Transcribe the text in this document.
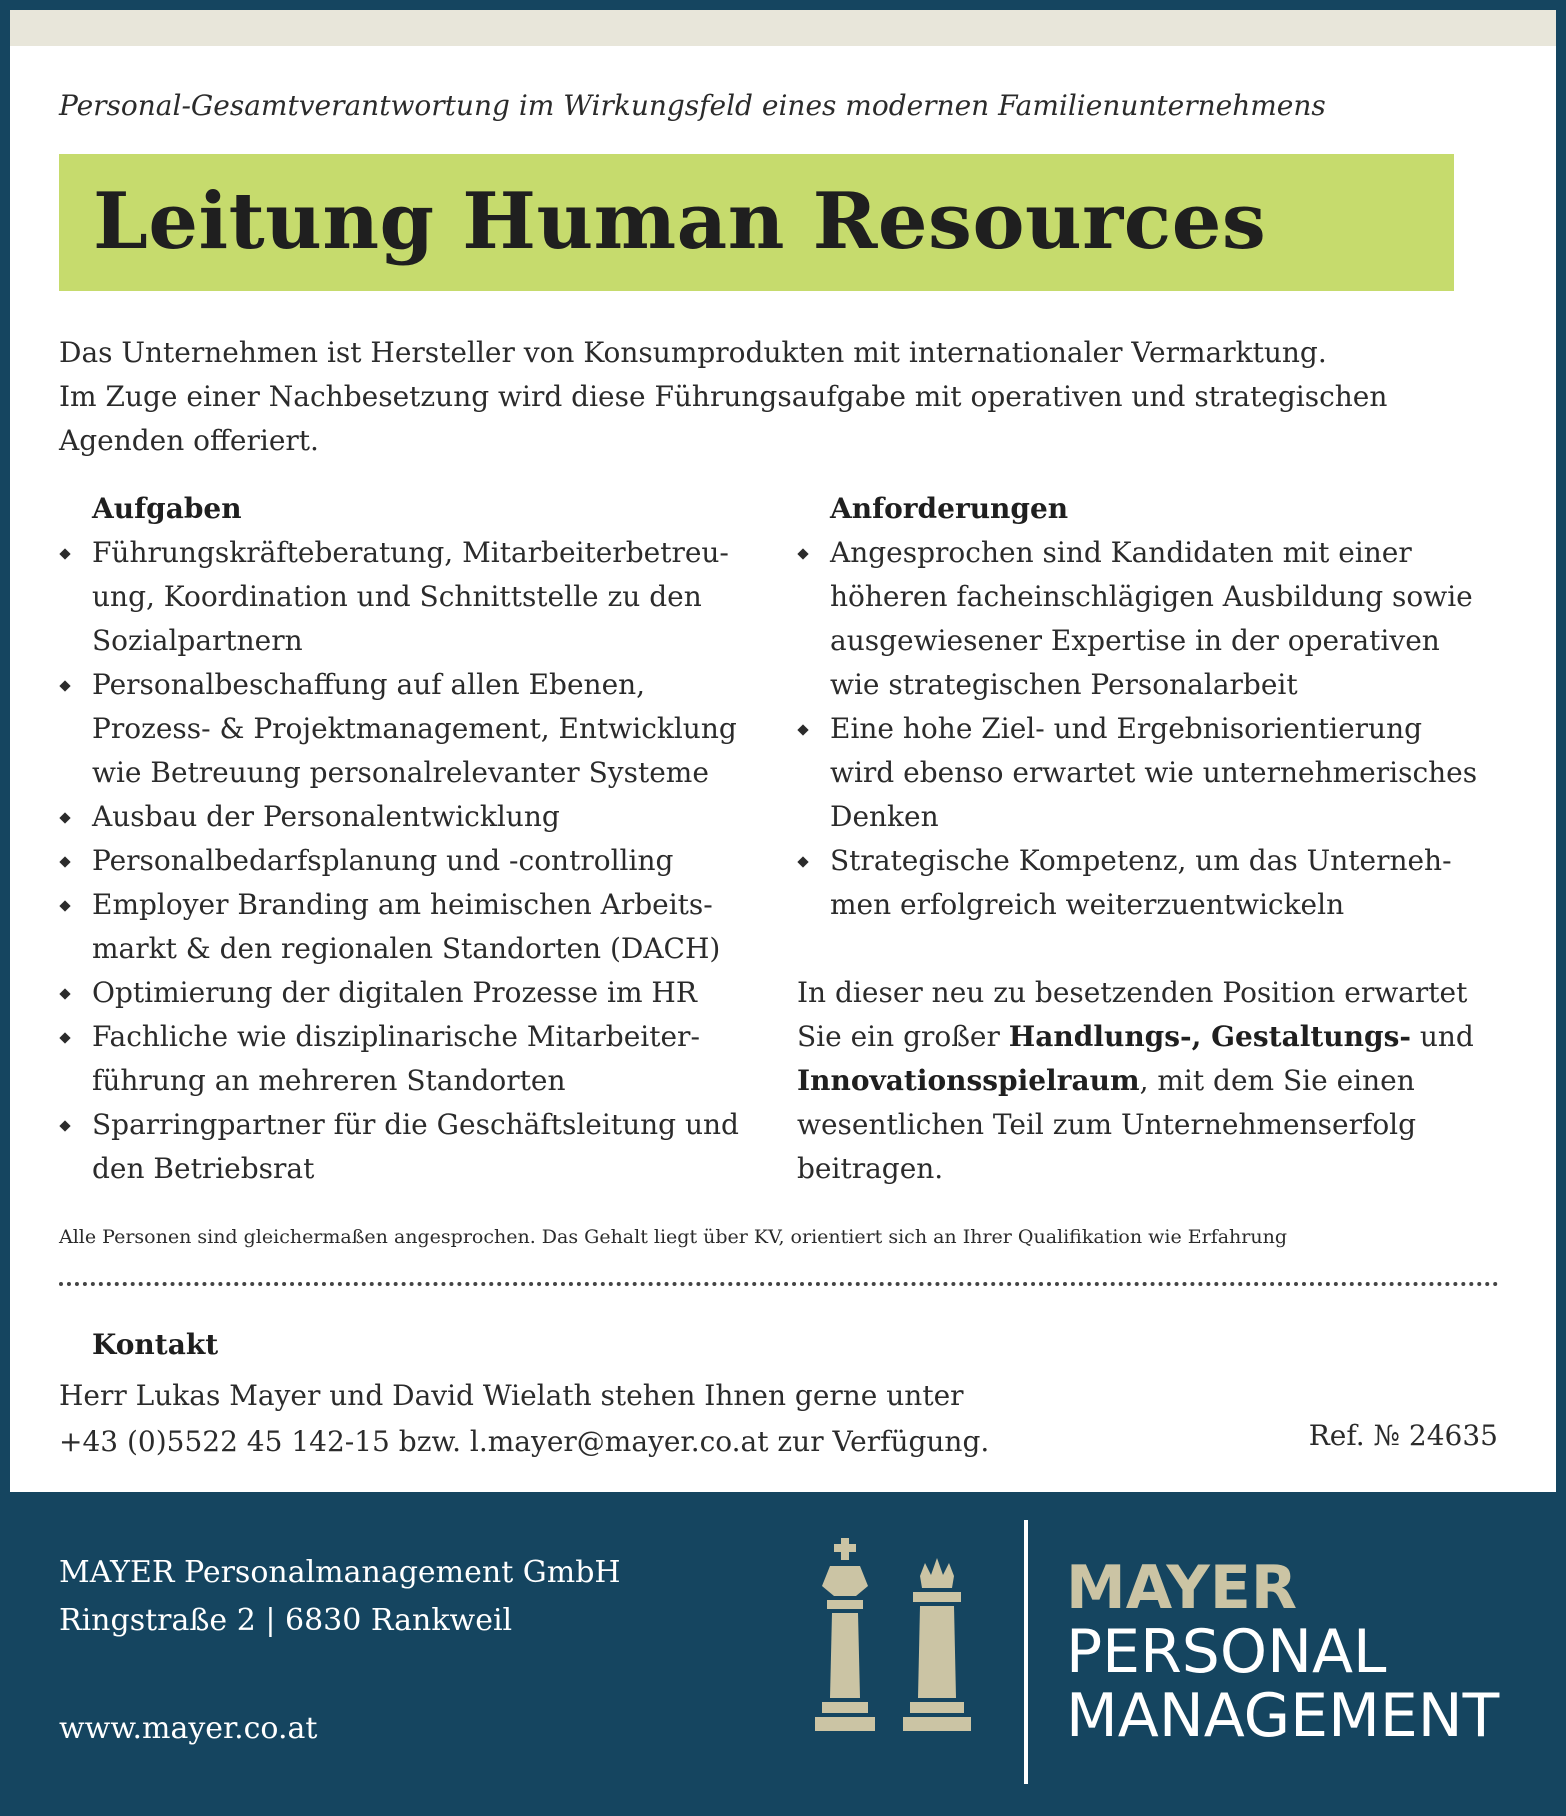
Personal-Gesamtverantwortung im Wirkungsfeld eines modernen Familienunternehmens
Leitung Human Resources
Das Unternehmen ist Hersteller von Konsumprodukten mit internationaler Vermarktung.
Im Zuge einer Nachbesetzung wird diese Führungsaufgabe mit operativen und strategischen
Agenden offeriert.
Aufgaben
Führungskräfteberatung, Mitarbeiterbetreu-
ung, Koordination und Schnittstelle zu den
Sozialpartnern
Personalbeschaffung auf allen Ebenen,
Prozess- & Projektmanagement, Entwicklung
wie Betreuung personalrelevanter Systeme
Ausbau der Personalentwicklung
Personalbedarfsplanung und -controlling
Employer Branding am heimischen Arbeits-
markt & den regionalen Standorten (DACH)
Optimierung der digitalen Prozesse im HR
Fachliche wie disziplinarische Mitarbeiter-
führung an mehreren Standorten
Sparringpartner für die Geschäftsleitung und
den Betriebsrat
Anforderungen
Angesprochen sind Kandidaten mit einer
höheren facheinschlägigen Ausbildung sowie
ausgewiesener Expertise in der operativen
wie strategischen Personalarbeit
Eine hohe Ziel- und Ergebnisorientierung
wird ebenso erwartet wie unternehmerisches
Denken
Strategische Kompetenz, um das Unterneh-
men erfolgreich weiterzuentwickeln
In dieser neu zu besetzenden Position erwartet
Sie ein großer Handlungs-, Gestaltungs- und
Innovationsspielraum, mit dem Sie einen
wesentlichen Teil zum Unternehmenserfolg
beitragen.
Alle Personen sind gleichermaßen angesprochen. Das Gehalt liegt über KV, orientiert sich an Ihrer Qualifikation wie Erfahrung
Kontakt
Herr Lukas Mayer und David Wielath stehen Ihnen gerne unter
+43 (0)5522 45 142-15 bzw. l.mayer@mayer.co.at zur Verfügung.	Ref. № 24635
MAYER Personalmanagement GmbH
Ringstraße 2 | 6830 Rankweil
www.mayer.co.at
MAYER
PERSONAL
MANAGEMENT
